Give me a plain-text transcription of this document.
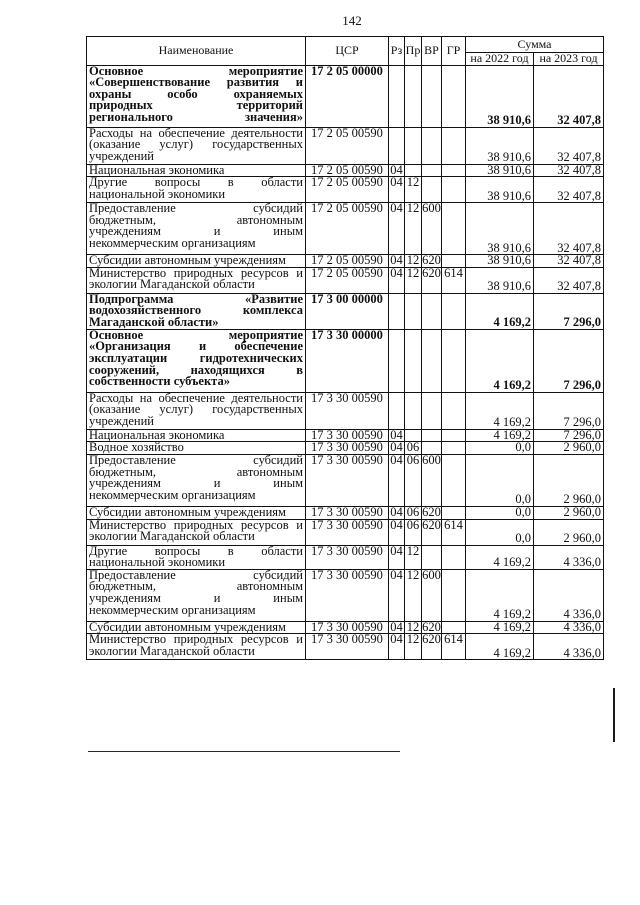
142
Наименование	ЦСР	Рз	Пр	ВР	ГР	Сумма	
						на 2022 год	на 2023 год

Основное мероприятие
«Совершенствование развития и
охраны особо охраняемых
природных территорий
регионального значения»	17 2 05 00000					38 910,6	32 407,8

Расходы на обеспечение деятельности
(оказание услуг) государственных
учреждений	17 2 05 00590					38 910,6	32 407,8

Национальная экономика	17 2 05 00590	04				38 910,6	32 407,8

Другие вопросы в области
национальной экономики	17 2 05 00590	04	12			38 910,6	32 407,8

Предоставление субсидий
бюджетным, автономным
учреждениям и иным
некоммерческим организациям	17 2 05 00590	04	12	600		38 910,6	32 407,8

Субсидии автономным учреждениям	17 2 05 00590	04	12	620		38 910,6	32 407,8

Министерство природных ресурсов и
экологии Магаданской области	17 2 05 00590	04	12	620	614	38 910,6	32 407,8

Подпрограмма «Развитие
водохозяйственного комплекса
Магаданской области»	17 3 00 00000					4 169,2	7 296,0

Основное мероприятие
«Организация и обеспечение
эксплуатации гидротехнических
сооружений, находящихся в
собственности субъекта»	17 3 30 00000					4 169,2	7 296,0

Расходы на обеспечение деятельности
(оказание услуг) государственных
учреждений	17 3 30 00590					4 169,2	7 296,0

Национальная экономика	17 3 30 00590	04				4 169,2	7 296,0

Водное хозяйство	17 3 30 00590	04	06			0,0	2 960,0

Предоставление субсидий
бюджетным, автономным
учреждениям и иным
некоммерческим организациям	17 3 30 00590	04	06	600		0,0	2 960,0

Субсидии автономным учреждениям	17 3 30 00590	04	06	620		0,0	2 960,0

Министерство природных ресурсов и
экологии Магаданской области	17 3 30 00590	04	06	620	614	0,0	2 960,0

Другие вопросы в области
национальной экономики	17 3 30 00590	04	12			4 169,2	4 336,0

Предоставление субсидий
бюджетным, автономным
учреждениям и иным
некоммерческим организациям	17 3 30 00590	04	12	600		4 169,2	4 336,0

Субсидии автономным учреждениям	17 3 30 00590	04	12	620		4 169,2	4 336,0

Министерство природных ресурсов и
экологии Магаданской области	17 3 30 00590	04	12	620	614	4 169,2	4 336,0
